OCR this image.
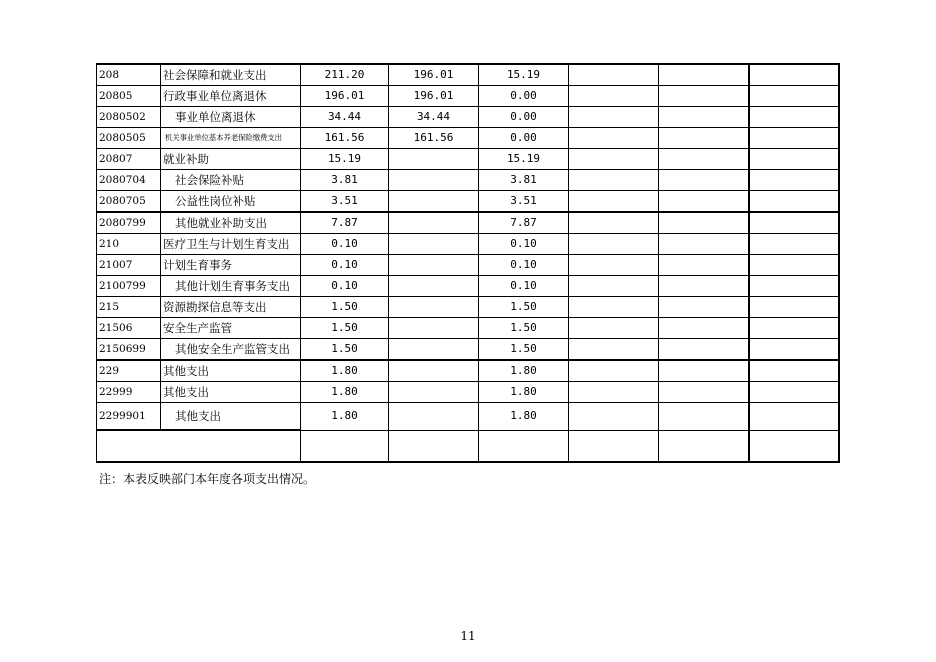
208	社会保障和就业支出	211.20	196.01	15.19			
20805	行政事业单位离退休	196.01	196.01	0.00			
2080502	事业单位离退休	34.44	34.44	0.00			
2080505	机关事业单位基本养老保险缴费支出	161.56	161.56	0.00			
20807	就业补助	15.19		15.19			
2080704	社会保险补贴	3.81		3.81			
2080705	公益性岗位补贴	3.51		3.51			
2080799	其他就业补助支出	7.87		7.87			
210	医疗卫生与计划生育支出	0.10		0.10			
21007	计划生育事务	0.10		0.10			
2100799	其他计划生育事务支出	0.10		0.10			
215	资源勘探信息等支出	1.50		1.50			
21506	安全生产监管	1.50		1.50			
2150699	其他安全生产监管支出	1.50		1.50			
229	其他支出	1.80		1.80			
22999	其他支出	1.80		1.80			
2299901	其他支出	1.80		1.80			

注：本表反映部门本年度各项支出情况。
11
